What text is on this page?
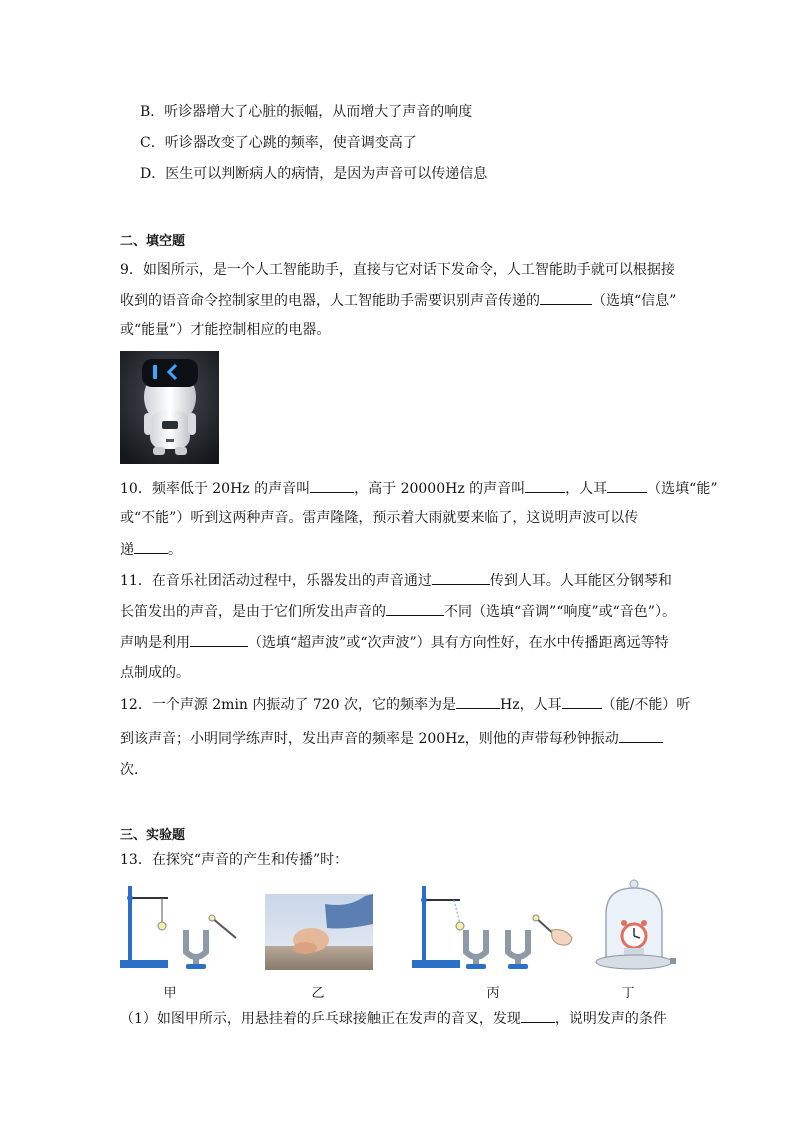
B．听诊器增大了心脏的振幅，从而增大了声音的响度
C．听诊器改变了心跳的频率，使音调变高了
D．医生可以判断病人的病情，是因为声音可以传递信息
二、填空题
9．如图所示，是一个人工智能助手，直接与它对话下发命令，人工智能助手就可以根据接
收到的语音命令控制家里的电器，人工智能助手需要识别声音传递的	（选填“信息”
或“能量”）才能控制相应的电器。
10．频率低于 20Hz 的声音叫	，高于 20000Hz 的声音叫	，人耳	（选填“能”
或“不能”）听到这两种声音。雷声隆隆，预示着大雨就要来临了，这说明声波可以传
递 。
11．在音乐社团活动过程中，乐器发出的声音通过	传到人耳。人耳能区分钢琴和
长笛发出的声音，是由于它们所发出声音的	不同（选填“音调”“响度”或“音色”）。
声呐是利用	（选填“超声波”或“次声波”）具有方向性好，在水中传播距离远等特
点制成的。
12．一个声源 2min 内振动了 720 次，它的频率为是	Hz，人耳	（能/不能）听
到该声音；小明同学练声时，发出声音的频率是 200Hz，则他的声带每秒钟振动
次.
三、实验题
13．在探究“声音的产生和传播”时：
甲	乙	丙	丁
（1）如图甲所示，用悬挂着的乒乓球接触正在发声的音叉，发现 ，说明发声的条件
